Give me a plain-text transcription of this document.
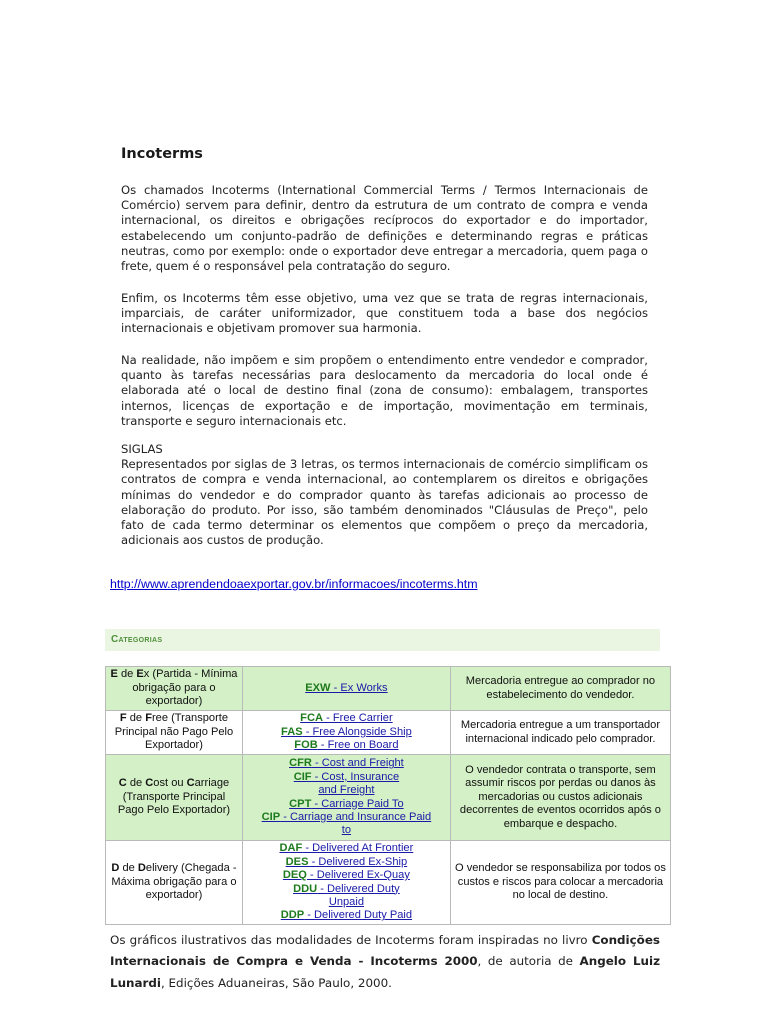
Incoterms

Os chamados Incoterms (International Commercial Terms / Termos Internacionais de Comércio) servem para definir, dentro da estrutura de um contrato de compra e venda internacional, os direitos e obrigações recíprocos do exportador e do importador, estabelecendo um conjunto-padrão de definições e determinando regras e práticas neutras, como por exemplo: onde o exportador deve entregar a mercadoria, quem paga o frete, quem é o responsável pela contratação do seguro.

Enfim, os Incoterms têm esse objetivo, uma vez que se trata de regras internacionais, imparciais, de caráter uniformizador, que constituem toda a base dos negócios internacionais e objetivam promover sua harmonia.

Na realidade, não impõem e sim propõem o entendimento entre vendedor e comprador, quanto às tarefas necessárias para deslocamento da mercadoria do local onde é elaborada até o local de destino final (zona de consumo): embalagem, transportes internos, licenças de exportação e de importação, movimentação em terminais, transporte e seguro internacionais etc.

SIGLAS
Representados por siglas de 3 letras, os termos internacionais de comércio simplificam os contratos de compra e venda internacional, ao contemplarem os direitos e obrigações mínimas do vendedor e do comprador quanto às tarefas adicionais ao processo de elaboração do produto. Por isso, são também denominados "Cláusulas de Preço", pelo fato de cada termo determinar os elementos que compõem o preço da mercadoria, adicionais aos custos de produção.
http://www.aprendendoaexportar.gov.br/informacoes/incoterms.htm
Categorias
E de Ex (Partida - Mínima obrigação para o exportador)	EXW - Ex Works	Mercadoria entregue ao comprador no estabelecimento do vendedor.
F de Free (Transporte Principal não Pago Pelo Exportador)	FCA - Free Carrier
FAS - Free Alongside Ship
FOB - Free on Board	Mercadoria entregue a um transportador internacional indicado pelo comprador.
C de Cost ou Carriage (Transporte Principal Pago Pelo Exportador)	CFR - Cost and Freight
CIF - Cost, Insurance and Freight
CPT - Carriage Paid To
CIP - Carriage and Insurance Paid to	O vendedor contrata o transporte, sem assumir riscos por perdas ou danos às mercadorias ou custos adicionais decorrentes de eventos ocorridos após o embarque e despacho.
D de Delivery (Chegada - Máxima obrigação para o exportador)	DAF - Delivered At Frontier
DES - Delivered Ex-Ship
DEQ - Delivered Ex-Quay
DDU - Delivered Duty Unpaid
DDP - Delivered Duty Paid	O vendedor se responsabiliza por todos os custos e riscos para colocar a mercadoria no local de destino.

Os gráficos ilustrativos das modalidades de Incoterms foram inspiradas no livro Condições Internacionais de Compra e Venda - Incoterms 2000, de autoria de Angelo Luiz Lunardi, Edições Aduaneiras, São Paulo, 2000.
